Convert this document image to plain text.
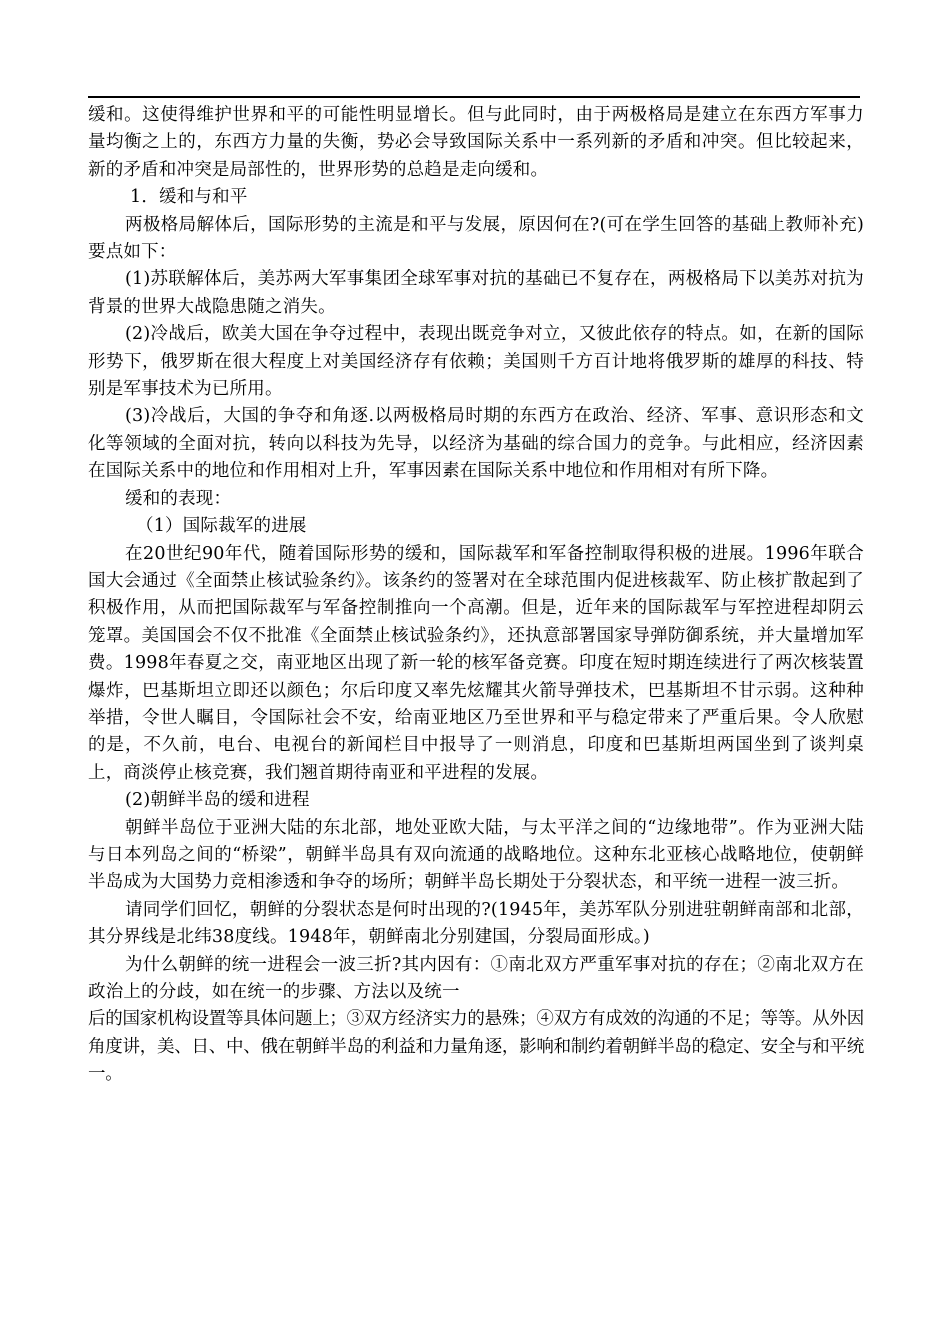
缓和。这使得维护世界和平的可能性明显增长。但与此同时，由于两极格局是建立在东西方军事力量均衡之上的，东西方力量的失衡，势必会导致国际关系中一系列新的矛盾和冲突。但比较起来，新的矛盾和冲突是局部性的，世界形势的总趋是走向缓和。

1．缓和与和平

两极格局解体后，国际形势的主流是和平与发展，原因何在?(可在学生回答的基础上教师补充)要点如下：

(1)苏联解体后，美苏两大军事集团全球军事对抗的基础已不复存在，两极格局下以美苏对抗为背景的世界大战隐患随之消失。

(2)冷战后，欧美大国在争夺过程中，表现出既竞争对立，又彼此依存的特点。如，在新的国际形势下，俄罗斯在很大程度上对美国经济存有依赖；美国则千方百计地将俄罗斯的雄厚的科技、特别是军事技术为已所用。

(3)冷战后，大国的争夺和角逐.以两极格局时期的东西方在政治、经济、军事、意识形态和文化等领域的全面对抗，转向以科技为先导，以经济为基础的综合国力的竞争。与此相应，经济因素在国际关系中的地位和作用相对上升，军事因素在国际关系中地位和作用相对有所下降。

缓和的表现：

（1）国际裁军的进展

在20世纪90年代，随着国际形势的缓和，国际裁军和军备控制取得积极的进展。1996年联合国大会通过《全面禁止核试验条约》。该条约的签署对在全球范围内促进核裁军、防止核扩散起到了积极作用，从而把国际裁军与军备控制推向一个高潮。但是，近年来的国际裁军与军控进程却阴云笼罩。美国国会不仅不批准《全面禁止核试验条约》，还执意部署国家导弹防御系统，并大量增加军费。1998年春夏之交，南亚地区出现了新一轮的核军备竞赛。印度在短时期连续进行了两次核装置爆炸，巴基斯坦立即还以颜色；尔后印度又率先炫耀其火箭导弹技术，巴基斯坦不甘示弱。这种种举措，令世人瞩目，令国际社会不安，给南亚地区乃至世界和平与稳定带来了严重后果。令人欣慰的是，不久前，电台、电视台的新闻栏目中报导了一则消息，印度和巴基斯坦两国坐到了谈判桌上，商淡停止核竞赛，我们翘首期待南亚和平进程的发展。

(2)朝鲜半岛的缓和进程

朝鲜半岛位于亚洲大陆的东北部，地处亚欧大陆，与太平洋之间的“边缘地带”。作为亚洲大陆与日本列岛之间的“桥梁”，朝鲜半岛具有双向流通的战略地位。这种东北亚核心战略地位，使朝鲜半岛成为大国势力竞相渗透和争夺的场所；朝鲜半岛长期处于分裂状态，和平统一进程一波三折。

请同学们回忆，朝鲜的分裂状态是何时出现的?(1945年，美苏军队分别进驻朝鲜南部和北部，其分界线是北纬38度线。1948年，朝鲜南北分别建国，分裂局面形成。)

为什么朝鲜的统一进程会一波三折?其内因有：①南北双方严重军事对抗的存在；②南北双方在政治上的分歧，如在统一的步骤、方法以及统一

后的国家机构设置等具体问题上；③双方经济实力的悬殊；④双方有成效的沟通的不足；等等。从外因角度讲，美、日、中、俄在朝鲜半岛的利益和力量角逐，影响和制约着朝鲜半岛的稳定、安全与和平统一。
